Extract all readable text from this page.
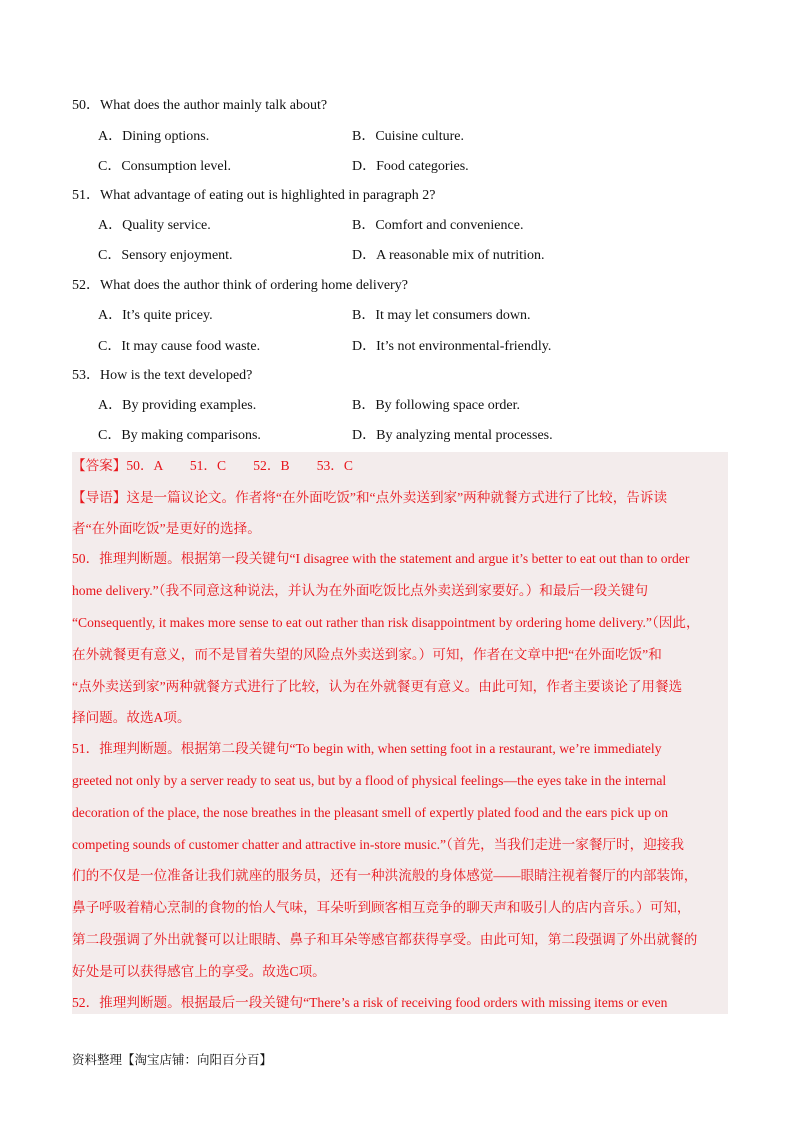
50．What does the author mainly talk about?
A．Dining options.	B．Cuisine culture.
C．Consumption level.	D．Food categories.
51．What advantage of eating out is highlighted in paragraph 2?
A．Quality service.	B．Comfort and convenience.
C．Sensory enjoyment.	D．A reasonable mix of nutrition.
52．What does the author think of ordering home delivery?
A．It’s quite pricey.	B．It may let consumers down.
C．It may cause food waste.	D．It’s not environmental-friendly.
53．How is the text developed?
A．By providing examples.	B．By following space order.
C．By making comparisons.	D．By analyzing mental processes.
【答案】50．A　　51．C　　52．B　　53．C
【导语】这是一篇议论文。作者将“在外面吃饭”和“点外卖送到家”两种就餐方式进行了比较，告诉读
者“在外面吃饭”是更好的选择。
50．推理判断题。根据第一段关键句“I disagree with the statement and argue it’s better to eat out than to order
home delivery.”（我不同意这种说法，并认为在外面吃饭比点外卖送到家要好。）和最后一段关键句
“Consequently, it makes more sense to eat out rather than risk disappointment by ordering home delivery.”（因此，
在外就餐更有意义，而不是冒着失望的风险点外卖送到家。）可知，作者在文章中把“在外面吃饭”和
“点外卖送到家”两种就餐方式进行了比较，认为在外就餐更有意义。由此可知，作者主要谈论了用餐选
择问题。故选A项。
51．推理判断题。根据第二段关键句“To begin with, when setting foot in a restaurant, we’re immediately
greeted not only by a server ready to seat us, but by a flood of physical feelings—the eyes take in the internal
decoration of the place, the nose breathes in the pleasant smell of expertly plated food and the ears pick up on
competing sounds of customer chatter and attractive in-store music.”（首先，当我们走进一家餐厅时，迎接我
们的不仅是一位准备让我们就座的服务员，还有一种洪流般的身体感觉——眼睛注视着餐厅的内部装饰，
鼻子呼吸着精心烹制的食物的怡人气味，耳朵听到顾客相互竞争的聊天声和吸引人的店内音乐。）可知，
第二段强调了外出就餐可以让眼睛、鼻子和耳朵等感官都获得享受。由此可知，第二段强调了外出就餐的
好处是可以获得感官上的享受。故选C项。
52．推理判断题。根据最后一段关键句“There’s a risk of receiving food orders with missing items or even
资料整理【淘宝店铺：向阳百分百】
